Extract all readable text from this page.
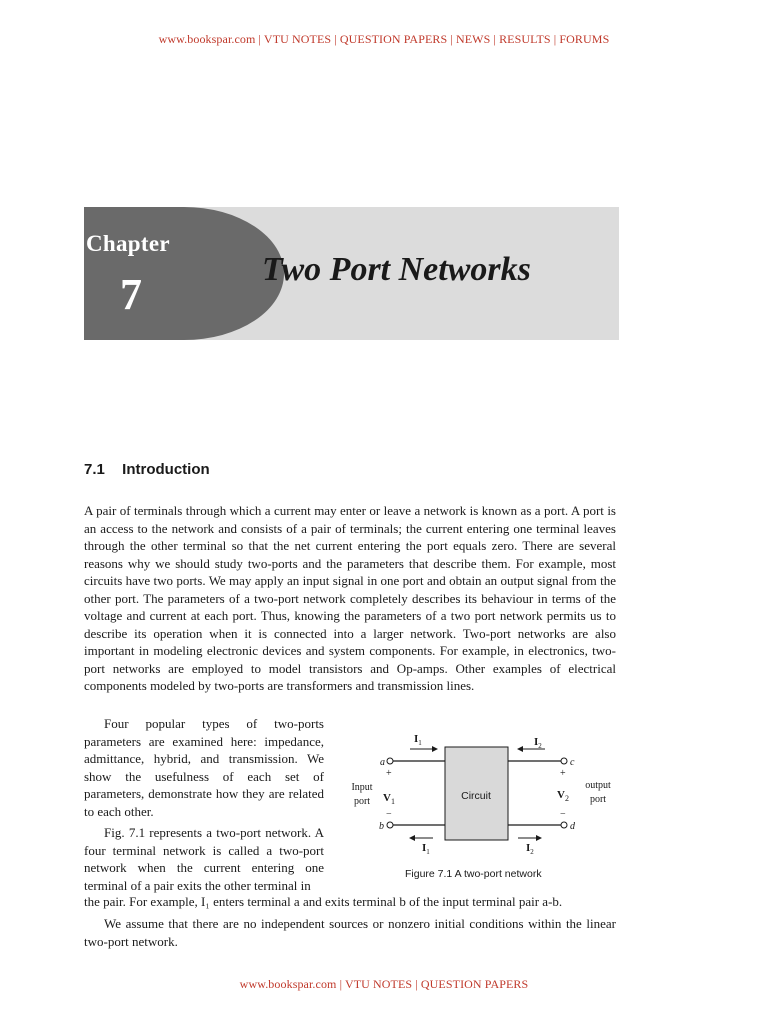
www.bookspar.com | VTU NOTES | QUESTION PAPERS | NEWS | RESULTS | FORUMS
Chapter
7
Two Port Networks
7.1 Introduction

A pair of terminals through which a current may enter or leave a network is known as a port. A port is an access to the network and consists of a pair of terminals; the current entering one terminal leaves through the other terminal so that the net current entering the port equals zero. There are several reasons why we should study two-ports and the parameters that describe them. For example, most circuits have two ports. We may apply an input signal in one port and obtain an output signal from the other port. The parameters of a two-port network completely describes its behaviour in terms of the voltage and current at each port. Thus, knowing the parameters of a two port network permits us to describe its operation when it is connected into a larger network. Two-port networks are also important in modeling electronic devices and system components. For example, in electronics, two-port networks are employed to model transistors and Op-amps. Other examples of electrical components modeled by two-ports are transformers and transmission lines.

Four popular types of two-ports parameters are examined here: impedance, admittance, hybrid, and transmission. We show the usefulness of each set of parameters, demonstrate how they are related to each other.

Fig. 7.1 represents a two-port network. A four terminal network is called a two-port network when the current entering one terminal of a pair exits the other terminal in

the pair. For example, I₁ enters terminal a and exits terminal b of the input terminal pair a-b.

We assume that there are no independent sources or nonzero initial conditions within the linear two-port network.

Circuit
a
b
c
d
+
−
+
−
$V_1$
$V_2$
Input
port
output
port
$I_1$	$I_2$
$I_1$	$I_2$
Figure 7.1 A two-port network
www.bookspar.com | VTU NOTES | QUESTION PAPERS
